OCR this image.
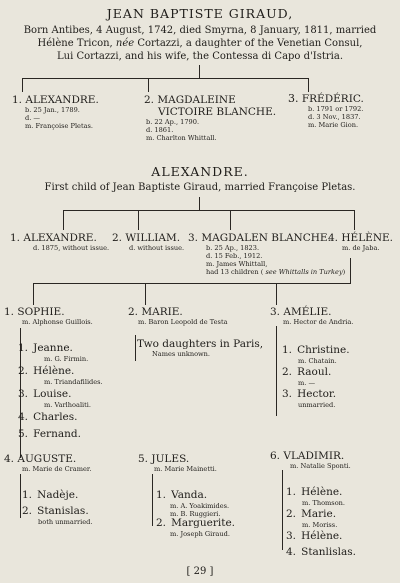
JEAN BAPTISTE GIRAUD,
Born Antibes, 4 August, 1742, died Smyrna, 8 January, 1811, married
Hélène Tricon, née Cortazzi, a daughter of the Venetian Consul,
Lui Cortazzi, and his wife, the Contessa di Capo d'Istria.
1. ALEXANDRE.
b. 25 Jan., 1789.
d. —
m. Françoise Pletas.
2. MAGDALEINE
VICTOIRE BLANCHE.
b. 22 Ap., 1790.
d. 1861.
m. Charlton Whittall.
3. FRÉDÉRIC.
b. 1791 or 1792.
d. 3 Nov., 1837.
m. Marie Gion.
ALEXANDRE.
First child of Jean Baptiste Giraud, married Françoise Pletas.
1. ALEXANDRE.
d. 1875, without issue.
2. WILLIAM.
d. without issue.
3. MAGDALEN BLANCHE.
b. 25 Ap., 1823.
d. 15 Feb., 1912.
m. James Whittall,
had 13 children ( see Whittalls in Turkey)
4. HÉLÈNE.
m. de Jaba.
1. SOPHIE.
m. Alphonse Guillois.
1. Jeanne.
m. G. Firmin.
2. Hélène.
m. Triandafilides.
3. Louise.
m. Varlhoaliti.
4. Charles.
5. Fernand.
2. MARIE.
m. Baron Leopold de Testa
Two daughters in Paris,
Names unknown.
3. AMÉLIE.
m. Hector de Andria.
1. Christine.
m. Chatain.
2. Raoul.
m. —
3. Hector.
unmarried.
4. AUGUSTE.
m. Marie de Cramer.
1. Nadèje.
2. Stanislas.
both unmarried.
5. JULES.
m. Marie Mainetti.
1. Vanda.
m. A. Yoakimides.
m. B. Ruggieri.
2. Marguerite.
m. Joseph Giraud.
6. VLADIMIR.
m. Natalie Sponti.
1. Hélène.
m. Thomson.
2. Marie.
m. Moriss.
3. Hélène.
4. Stanlislas.
[ 29 ]
